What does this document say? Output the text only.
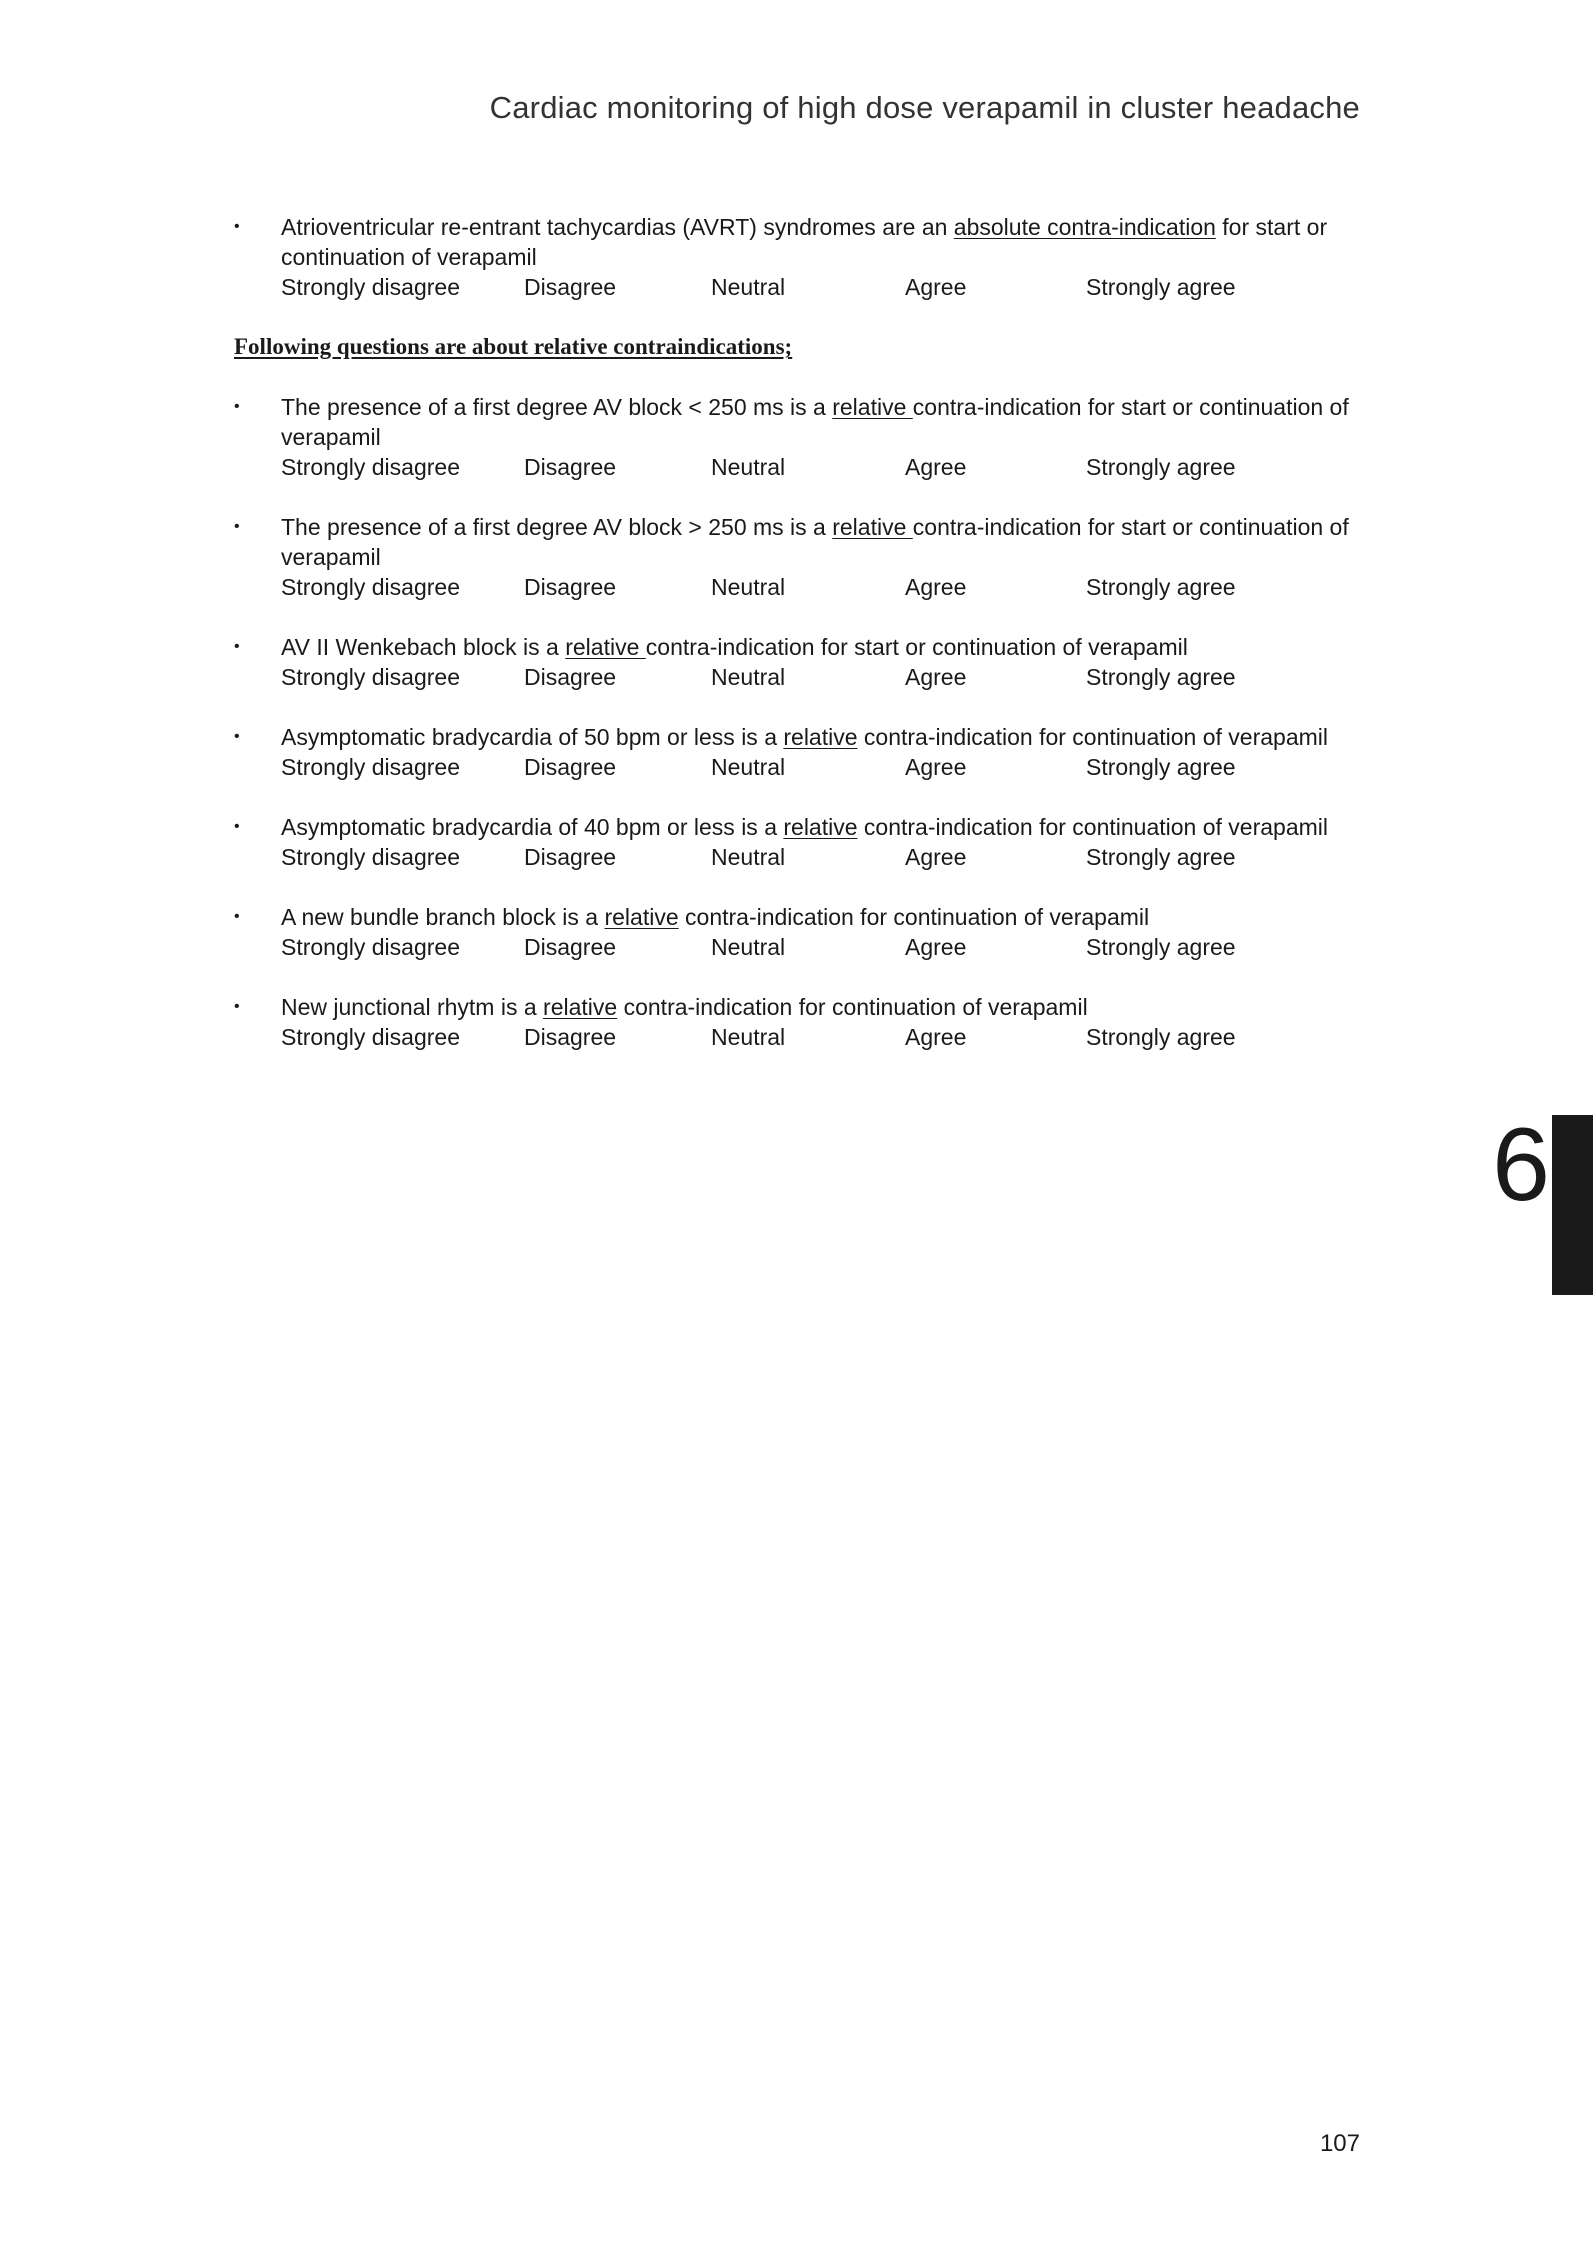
Cardiac monitoring of high dose verapamil in cluster headache
• Atrioventricular re-entrant tachycardias (AVRT) syndromes are an absolute contra-indication for start or continuation of verapamil
Strongly disagree	Disagree	Neutral	Agree	Strongly agree
Following questions are about relative contraindications;
• The presence of a first degree AV block < 250 ms is a relative contra-indication for start or continuation of verapamil
Strongly disagree	Disagree	Neutral	Agree	Strongly agree
• The presence of a first degree AV block > 250 ms is a relative contra-indication for start or continuation of verapamil
Strongly disagree	Disagree	Neutral	Agree	Strongly agree
• AV II Wenkebach block is a relative contra-indication for start or continuation of verapamil
Strongly disagree	Disagree	Neutral	Agree	Strongly agree
• Asymptomatic bradycardia of 50 bpm or less is a relative contra-indication for continuation of verapamil
Strongly disagree	Disagree	Neutral	Agree	Strongly agree
• Asymptomatic bradycardia of 40 bpm or less is a relative contra-indication for continuation of verapamil
Strongly disagree	Disagree	Neutral	Agree	Strongly agree
• A new bundle branch block is a relative contra-indication for continuation of verapamil
Strongly disagree	Disagree	Neutral	Agree	Strongly agree
• New junctional rhytm is a relative contra-indication for continuation of verapamil
Strongly disagree	Disagree	Neutral	Agree	Strongly agree
6
107
